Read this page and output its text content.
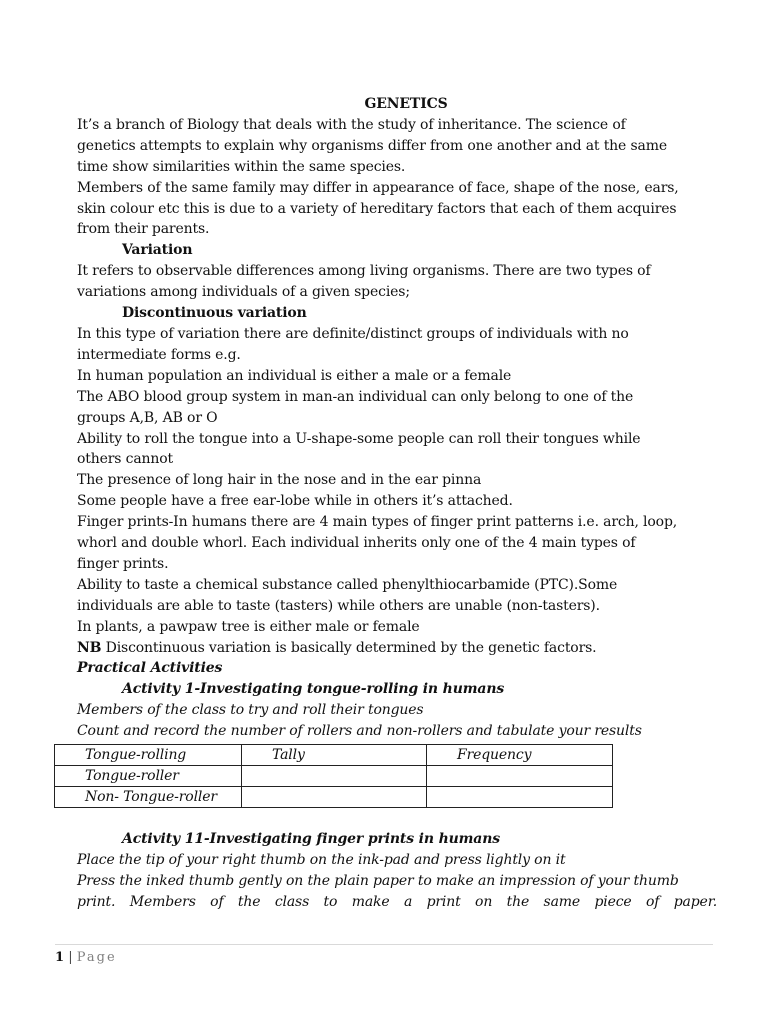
GENETICS

It’s a branch of Biology that deals with the study of inheritance. The science of

genetics attempts to explain why organisms differ from one another and at the same

time show similarities within the same species.

Members of the same family may differ in appearance of face, shape of the nose, ears,

skin colour etc this is due to a variety of hereditary factors that each of them acquires

from their parents.

Variation

It refers to observable differences among living organisms. There are two types of

variations among individuals of a given species;

Discontinuous variation

In this type of variation there are definite/distinct groups of individuals with no

intermediate forms e.g.

In human population an individual is either a male or a female

The ABO blood group system in man-an individual can only belong to one of the

groups A,B, AB or O

Ability to roll the tongue into a U-shape-some people can roll their tongues while

others cannot

The presence of long hair in the nose and in the ear pinna

Some people have a free ear-lobe while in others it’s attached.

Finger prints-In humans there are 4 main types of finger print patterns i.e. arch, loop,

whorl and double whorl. Each individual inherits only one of the 4 main types of

finger prints.

Ability to taste a chemical substance called phenylthiocarbamide (PTC).Some

individuals are able to taste (tasters) while others are unable (non-tasters).

In plants, a pawpaw tree is either male or female

NB Discontinuous variation is basically determined by the genetic factors.

Practical Activities

Activity 1-Investigating tongue-rolling in humans

Members of the class to try and roll their tongues

Count and record the number of rollers and non-rollers and tabulate your results

Tongue-rolling	Tally	Frequency
Tongue-roller		
Non- Tongue-roller		

Activity 11-Investigating finger prints in humans

Place the tip of your right thumb on the ink-pad and press lightly on it

Press the inked thumb gently on the plain paper to make an impression of your thumb

print. Members of the class to make a print on the same piece of paper.

1 | Page
